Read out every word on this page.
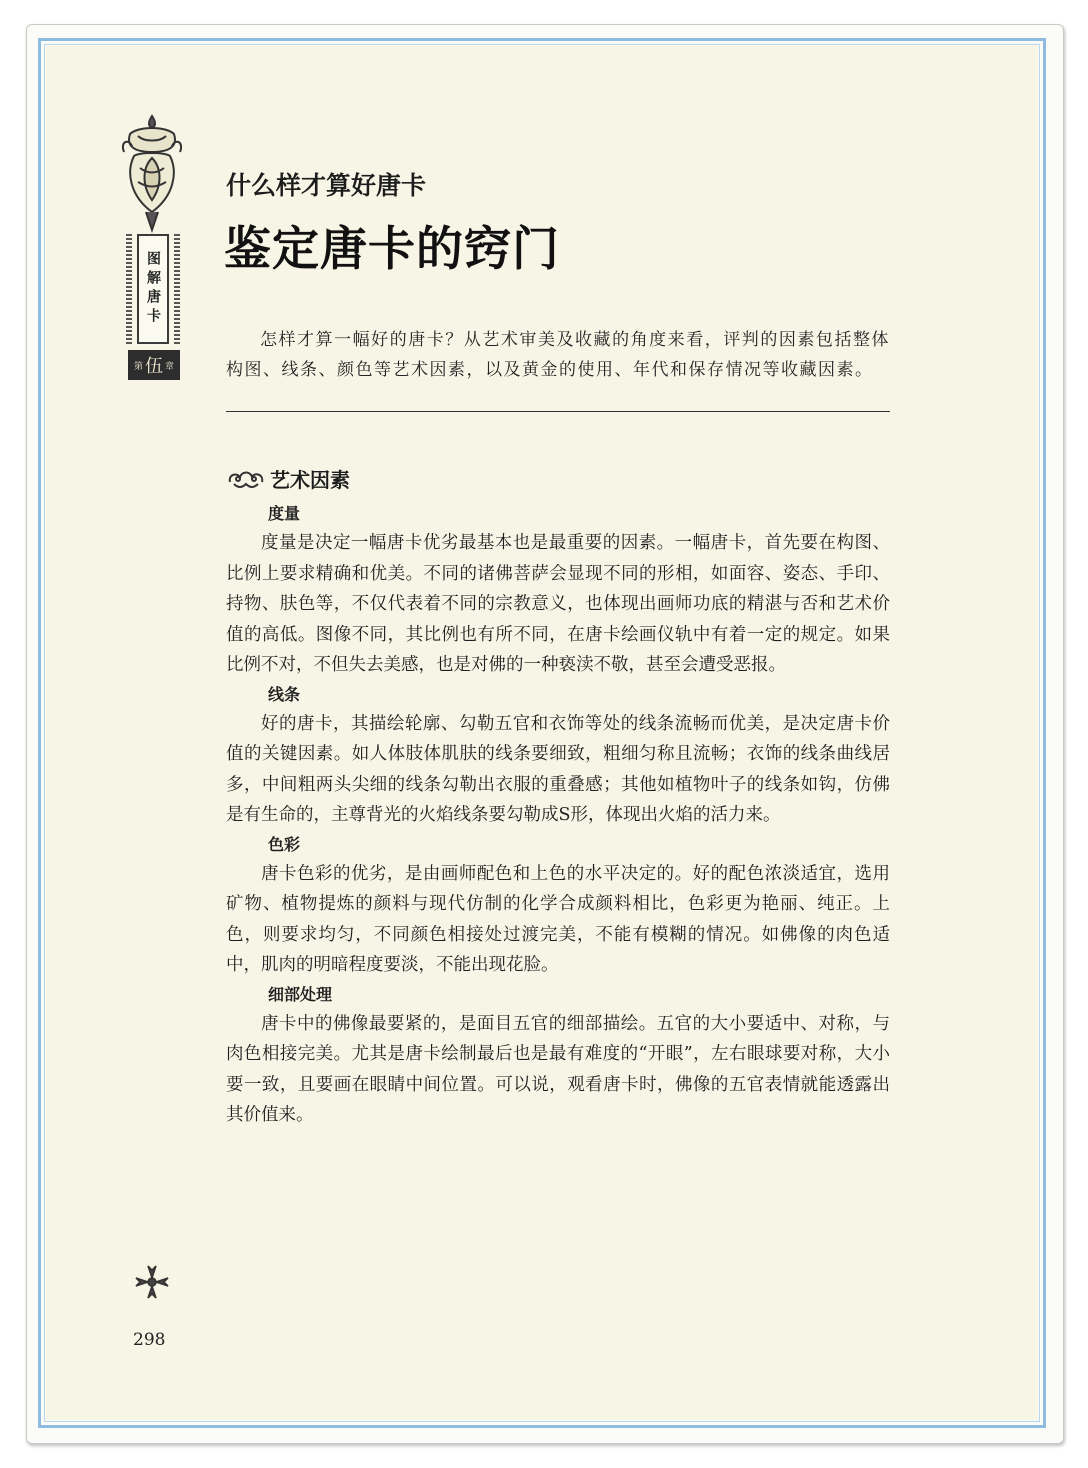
图解唐卡
第 伍 章
什么样才算好唐卡
鉴定唐卡的窍门

怎样才算一幅好的唐卡？从艺术审美及收藏的角度来看，评判的因素包括整体构图、线条、颜色等艺术因素，以及黄金的使用、年代和保存情况等收藏因素。

艺术因素
度量

度量是决定一幅唐卡优劣最基本也是最重要的因素。一幅唐卡，首先要在构图、比例上要求精确和优美。不同的诸佛菩萨会显现不同的形相，如面容、姿态、手印、持物、肤色等，不仅代表着不同的宗教意义，也体现出画师功底的精湛与否和艺术价值的高低。图像不同，其比例也有所不同，在唐卡绘画仪轨中有着一定的规定。如果比例不对，不但失去美感，也是对佛的一种亵渎不敬，甚至会遭受恶报。

线条

好的唐卡，其描绘轮廓、勾勒五官和衣饰等处的线条流畅而优美，是决定唐卡价值的关键因素。如人体肢体肌肤的线条要细致，粗细匀称且流畅；衣饰的线条曲线居多，中间粗两头尖细的线条勾勒出衣服的重叠感；其他如植物叶子的线条如钩，仿佛是有生命的，主尊背光的火焰线条要勾勒成S形，体现出火焰的活力来。

色彩

唐卡色彩的优劣，是由画师配色和上色的水平决定的。好的配色浓淡适宜，选用矿物、植物提炼的颜料与现代仿制的化学合成颜料相比，色彩更为艳丽、纯正。上色，则要求均匀，不同颜色相接处过渡完美，不能有模糊的情况。如佛像的肉色适中，肌肉的明暗程度要淡，不能出现花脸。

细部处理

唐卡中的佛像最要紧的，是面目五官的细部描绘。五官的大小要适中、对称，与肉色相接完美。尤其是唐卡绘制最后也是最有难度的“开眼”，左右眼球要对称，大小要一致，且要画在眼睛中间位置。可以说，观看唐卡时，佛像的五官表情就能透露出其价值来。

298
